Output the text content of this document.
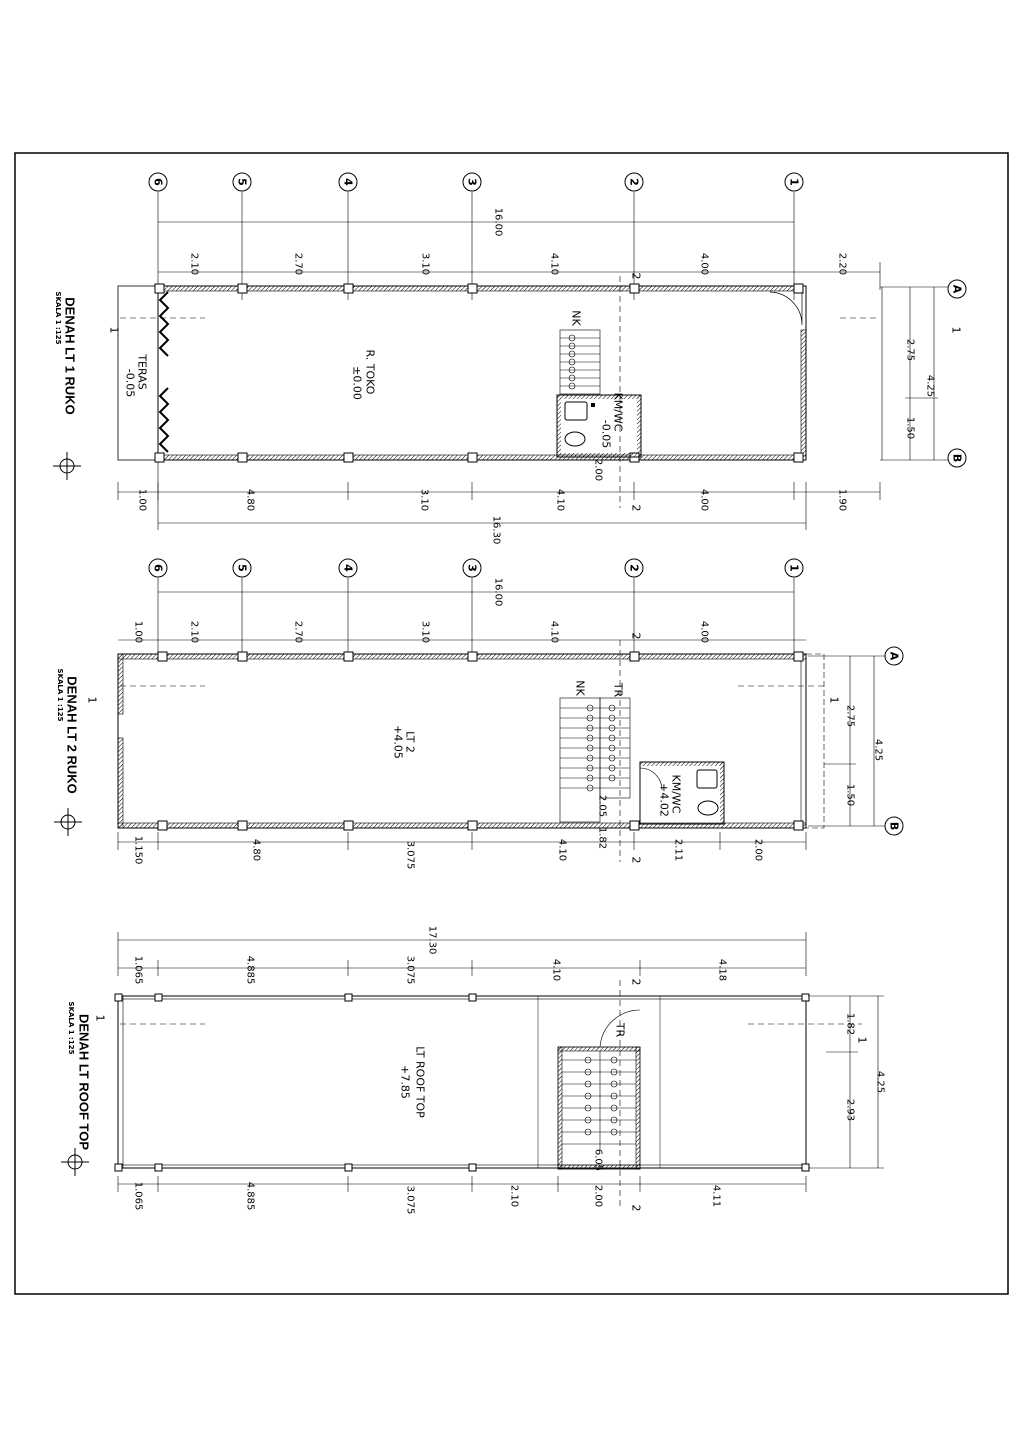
6	5	4	3	2	1
16.00
2.10	2.70	3.10	4.10	4.00	2.20
NK
KM/WC
-0.05
2.00
R. TOKO
±0.00
TERAS
-0.05
1	1
2
2
A
B
2.75
1.50
4.25
1.00	4.80	3.10	4.10	4.00	1.90
16.30
DENAH LT 1 RUKO
SKALA 1 :125
6	5	4	3	2	1
16.00
1.00	2.10	2.70	3.10	4.10	4.00
NK TR
2.05
1.82
KM/WC
+4.02
LT 2
+4.05
1	1
2
2
A
B
2.75
1.50
4.25
1.150	4.80	3.075	4.10	2.11	2.00
DENAH LT 2 RUKO
SKALA 1 :125
17.30
1.065	4.885	3.075	4.10	4.18
TR
6.05
LT ROOF TOP
+7.85
1
1
2
2
1.82
2.93
4.25
1.065	4.885	3.075	2.10	2.00	4.11
DENAH LT ROOF TOP
SKALA 1 :125
